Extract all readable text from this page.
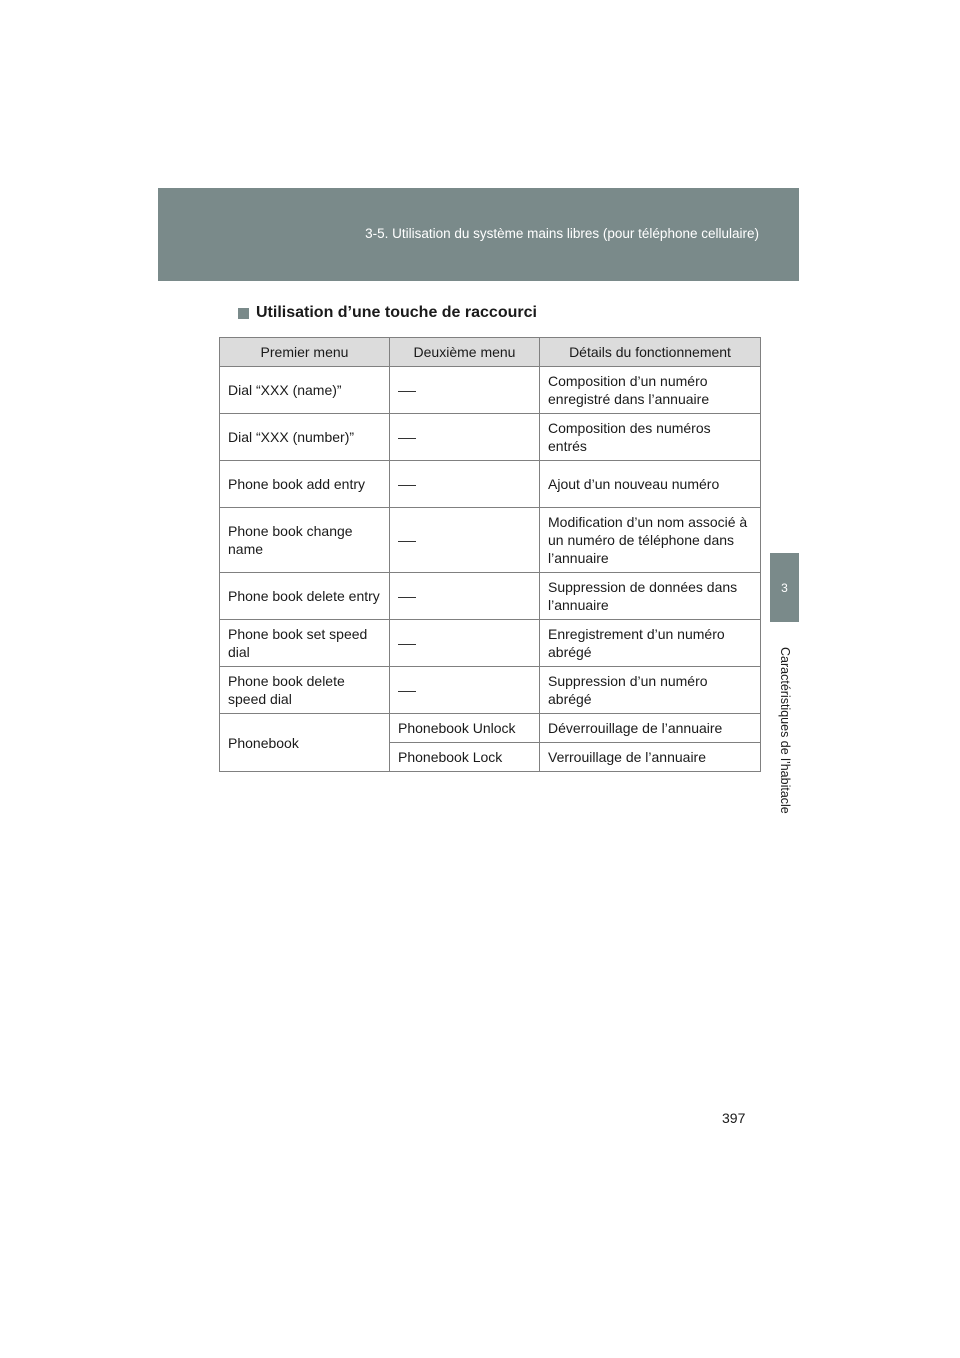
3-5. Utilisation du système mains libres (pour téléphone cellulaire)
3
Caractéristiques de l’habitacle
Utilisation d’une touche de raccourci
Premier menu	Deuxième menu	Détails du fonctionnement
Dial “XXX (name)”		Composition d’un numéro enregistré dans l’annuaire
Dial “XXX (number)”		Composition des numéros entrés
Phone book add entry		Ajout d’un nouveau numéro
Phone book change name		Modification d’un nom associé à un numéro de téléphone dans l’annuaire
Phone book delete entry		Suppression de données dans l’annuaire
Phone book set speed dial		Enregistrement d’un numéro abrégé
Phone book delete speed dial		Suppression d’un numéro abrégé
Phonebook	Phonebook Unlock	Déverrouillage de l’annuaire
	Phonebook Lock	Verrouillage de l’annuaire
397
